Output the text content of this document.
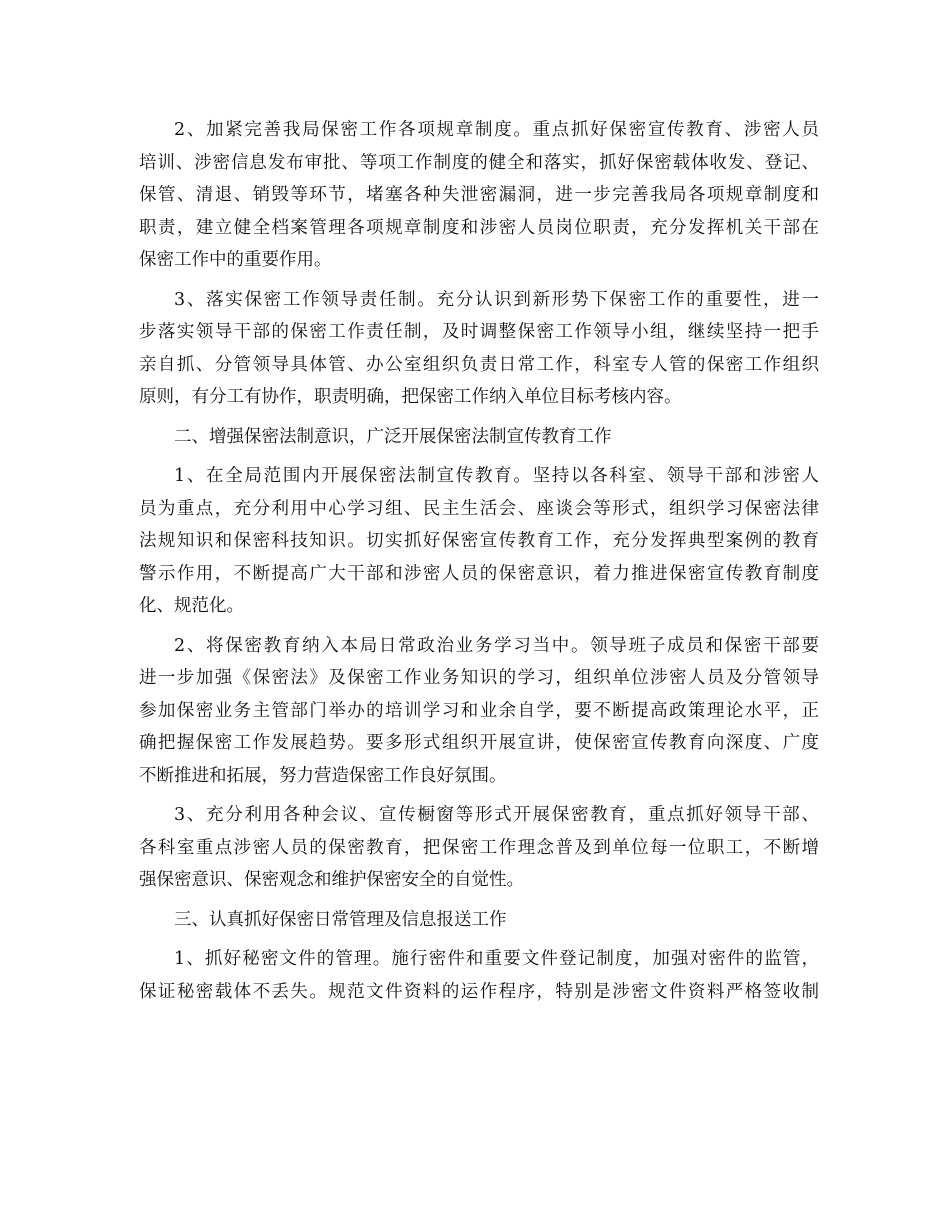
2、加紧完善我局保密工作各项规章制度。重点抓好保密宣传教育、涉密人员
培训、涉密信息发布审批、等项工作制度的健全和落实，抓好保密载体收发、登记、
保管、清退、销毁等环节，堵塞各种失泄密漏洞，进一步完善我局各项规章制度和
职责，建立健全档案管理各项规章制度和涉密人员岗位职责，充分发挥机关干部在
保密工作中的重要作用。

3、落实保密工作领导责任制。充分认识到新形势下保密工作的重要性，进一
步落实领导干部的保密工作责任制，及时调整保密工作领导小组，继续坚持一把手
亲自抓、分管领导具体管、办公室组织负责日常工作，科室专人管的保密工作组织
原则，有分工有协作，职责明确，把保密工作纳入单位目标考核内容。

二、增强保密法制意识，广泛开展保密法制宣传教育工作

1、在全局范围内开展保密法制宣传教育。坚持以各科室、领导干部和涉密人
员为重点，充分利用中心学习组、民主生活会、座谈会等形式，组织学习保密法律
法规知识和保密科技知识。切实抓好保密宣传教育工作，充分发挥典型案例的教育
警示作用，不断提高广大干部和涉密人员的保密意识，着力推进保密宣传教育制度
化、规范化。

2、将保密教育纳入本局日常政治业务学习当中。领导班子成员和保密干部要
进一步加强《保密法》及保密工作业务知识的学习，组织单位涉密人员及分管领导
参加保密业务主管部门举办的培训学习和业余自学，要不断提高政策理论水平，正
确把握保密工作发展趋势。要多形式组织开展宣讲，使保密宣传教育向深度、广度
不断推进和拓展，努力营造保密工作良好氛围。

3、充分利用各种会议、宣传橱窗等形式开展保密教育，重点抓好领导干部、
各科室重点涉密人员的保密教育，把保密工作理念普及到单位每一位职工，不断增
强保密意识、保密观念和维护保密安全的自觉性。

三、认真抓好保密日常管理及信息报送工作

1、抓好秘密文件的管理。施行密件和重要文件登记制度，加强对密件的监管，
保证秘密载体不丢失。规范文件资料的运作程序，特别是涉密文件资料严格签收制
